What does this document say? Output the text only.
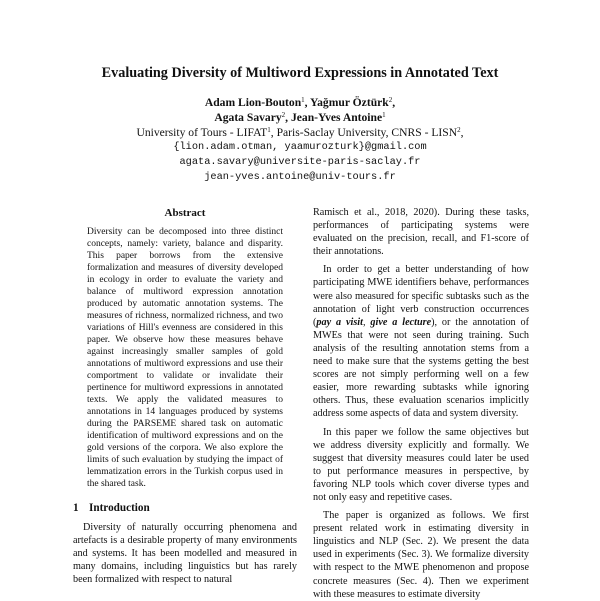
Evaluating Diversity of Multiword Expressions in Annotated Text
Adam Lion-Bouton$^1$, Yağmur Öztürk$^2$,
Agata Savary$^2$, Jean-Yves Antoine$^1$
University of Tours - LIFAT$^1$, Paris-Saclay University, CNRS - LISN$^2$,
{lion.adam.otman, yaamurozturk}@gmail.com
agata.savary@universite-paris-saclay.fr
jean-yves.antoine@univ-tours.fr
Abstract

Diversity can be decomposed into three distinct concepts, namely: variety, balance and disparity. This paper borrows from the extensive formalization and measures of diversity developed in ecology in order to evaluate the variety and balance of multiword expression annotation produced by automatic annotation systems. The measures of richness, normalized richness, and two variations of Hill's evenness are considered in this paper. We observe how these measures behave against increasingly smaller samples of gold annotations of multiword expressions and use their comportment to validate or invalidate their pertinence for multiword expressions in annotated texts. We apply the validated measures to annotations in 14 languages produced by systems during the PARSEME shared task on automatic identification of multiword expressions and on the gold versions of the corpora. We also explore the limits of such evaluation by studying the impact of lemmatization errors in the Turkish corpus used in the shared task.

1 Introduction

Diversity of naturally occurring phenomena and artefacts is a desirable property of many environments and systems. It has been modelled and measured in many domains, including linguistics but has rarely been formalized with respect to natural

Ramisch et al., 2018, 2020). During these tasks, performances of participating systems were evaluated on the precision, recall, and F1-score of their annotations.

In order to get a better understanding of how participating MWE identifiers behave, performances were also measured for specific subtasks such as the annotation of light verb construction occurrences (pay a visit, give a lecture), or the annotation of MWEs that were not seen during training. Such analysis of the resulting annotation stems from a need to make sure that the systems getting the best scores are not simply performing well on a few easier, more rewarding subtasks while ignoring others. Thus, these evaluation scenarios implicitly address some aspects of data and system diversity.

In this paper we follow the same objectives but we address diversity explicitly and formally. We suggest that diversity measures could later be used to put performance measures in perspective, by favoring NLP tools which cover diverse types and not only easy and repetitive cases.

The paper is organized as follows. We first present related work in estimating diversity in linguistics and NLP (Sec. 2). We present the data used in experiments (Sec. 3). We formalize diversity with respect to the MWE phenomenon and propose concrete measures (Sec. 4). Then we experiment with these measures to estimate diversity
